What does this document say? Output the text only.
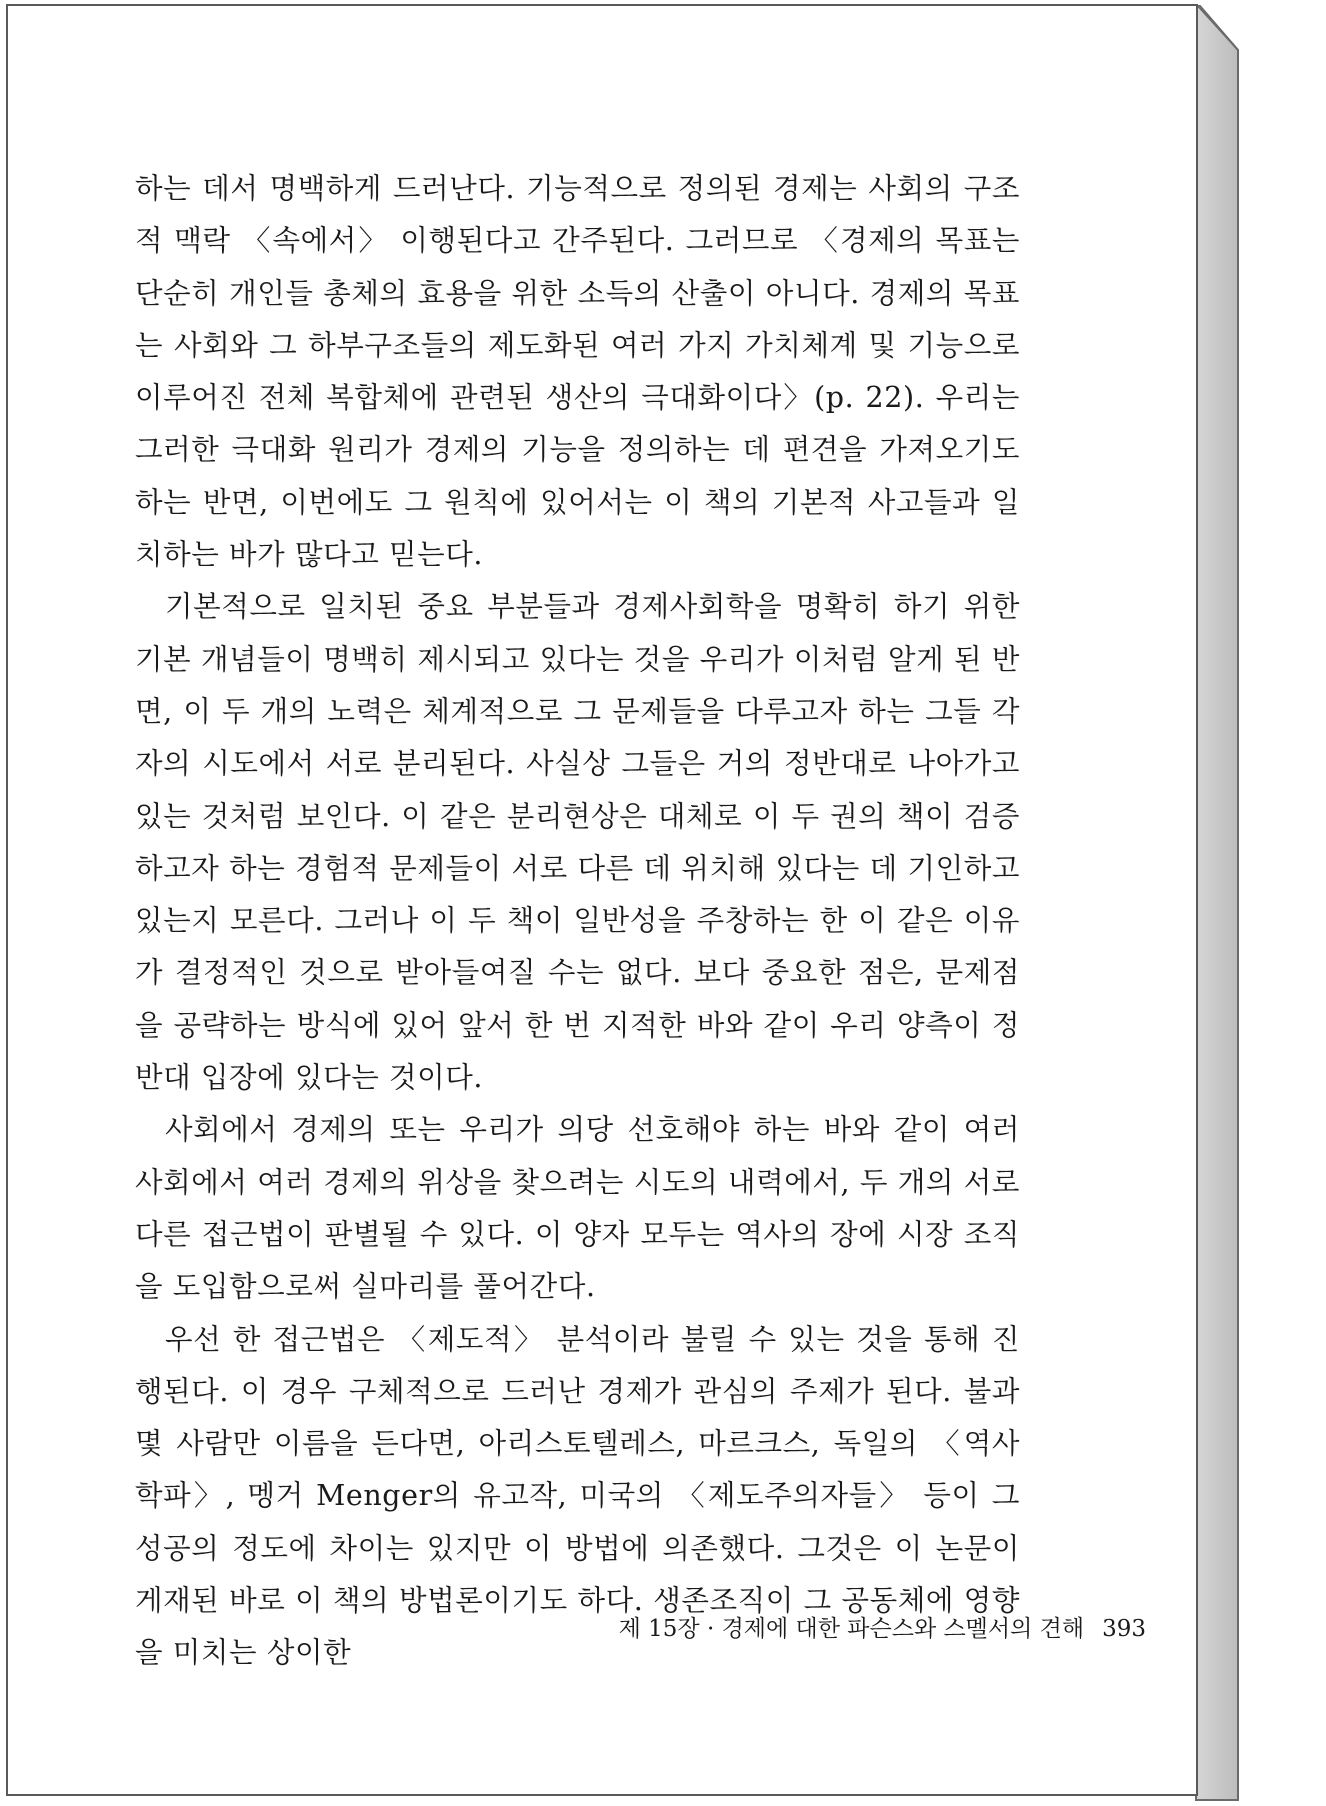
하는 데서 명백하게 드러난다. 기능적으로 정의된 경제는 사회의 구조적 맥락 〈속에서〉 이행된다고 간주된다. 그러므로 〈경제의 목표는 단순히 개인들 총체의 효용을 위한 소득의 산출이 아니다. 경제의 목표는 사회와 그 하부구조들의 제도화된 여러 가지 가치체계 및 기능으로 이루어진 전체 복합체에 관련된 생산의 극대화이다〉(p. 22). 우리는 그러한 극대화 원리가 경제의 기능을 정의하는 데 편견을 가져오기도 하는 반면, 이번에도 그 원칙에 있어서는 이 책의 기본적 사고들과 일치하는 바가 많다고 믿는다.

기본적으로 일치된 중요 부분들과 경제사회학을 명확히 하기 위한 기본 개념들이 명백히 제시되고 있다는 것을 우리가 이처럼 알게 된 반면, 이 두 개의 노력은 체계적으로 그 문제들을 다루고자 하는 그들 각자의 시도에서 서로 분리된다. 사실상 그들은 거의 정반대로 나아가고 있는 것처럼 보인다. 이 같은 분리현상은 대체로 이 두 권의 책이 검증하고자 하는 경험적 문제들이 서로 다른 데 위치해 있다는 데 기인하고 있는지 모른다. 그러나 이 두 책이 일반성을 주창하는 한 이 같은 이유가 결정적인 것으로 받아들여질 수는 없다. 보다 중요한 점은, 문제점을 공략하는 방식에 있어 앞서 한 번 지적한 바와 같이 우리 양측이 정반대 입장에 있다는 것이다.

사회에서 경제의 또는 우리가 의당 선호해야 하는 바와 같이 여러 사회에서 여러 경제의 위상을 찾으려는 시도의 내력에서, 두 개의 서로 다른 접근법이 판별될 수 있다. 이 양자 모두는 역사의 장에 시장 조직을 도입함으로써 실마리를 풀어간다.

우선 한 접근법은 〈제도적〉 분석이라 불릴 수 있는 것을 통해 진행된다. 이 경우 구체적으로 드러난 경제가 관심의 주제가 된다. 불과 몇 사람만 이름을 든다면, 아리스토텔레스, 마르크스, 독일의 〈역사학파〉, 멩거 Menger의 유고작, 미국의 〈제도주의자들〉 등이 그 성공의 정도에 차이는 있지만 이 방법에 의존했다. 그것은 이 논문이 게재된 바로 이 책의 방법론이기도 하다. 생존조직이 그 공동체에 영향을 미치는 상이한

제 15장 · 경제에 대한 파슨스와 스멜서의 견해 393
